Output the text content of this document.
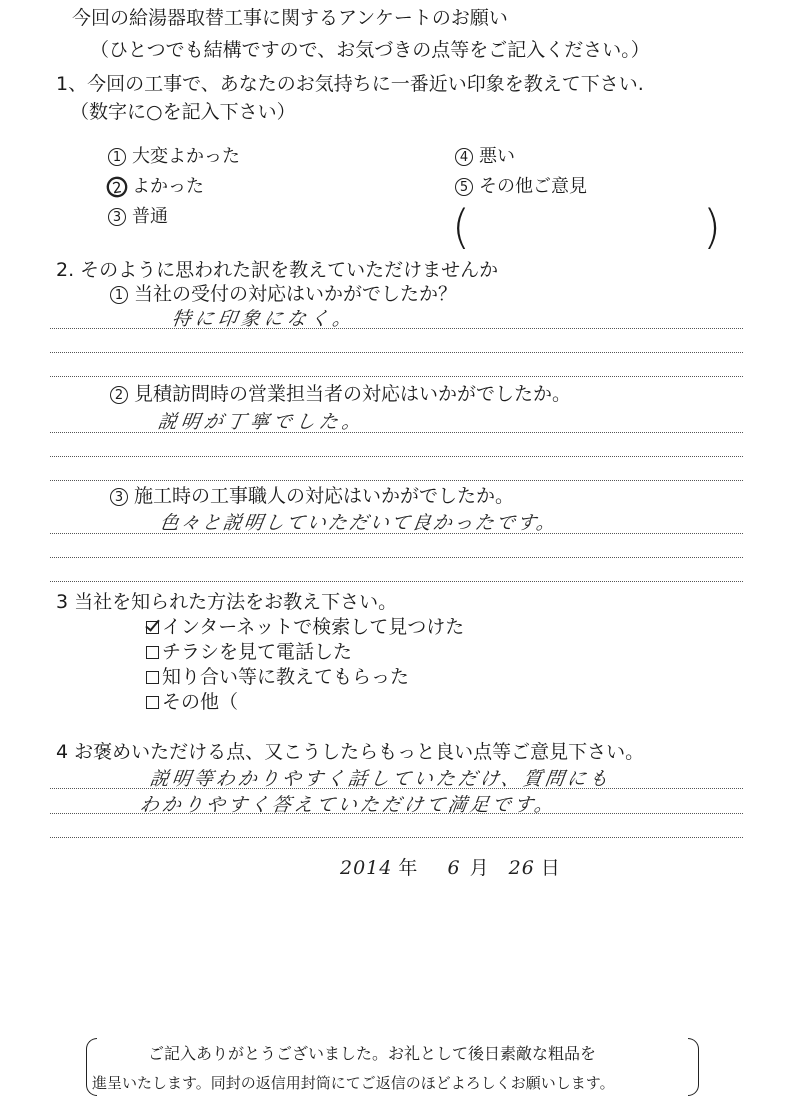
今回の給湯器取替工事に関するアンケートのお願い
（ひとつでも結構ですので、お気づきの点等をご記入ください。）
1、今回の工事で、あなたのお気持ちに一番近い印象を教えて下さい.
（数字に○を記入下さい）
1 大変よかった
2 よかった
3 普通
4 悪い
5 その他ご意見
(	)
2. そのように思われた訳を教えていただけませんか
1 当社の受付の対応はいかがでしたか？
特に印象になく。
2 見積訪問時の営業担当者の対応はいかがでしたか。
説明が丁寧でした。
3 施工時の工事職人の対応はいかがでしたか。
色々と説明していただいて良かったです。
3 当社を知られた方法をお教え下さい。
インターネットで検索して見つけた
チラシを見て電話した
知り合い等に教えてもらった
その他（
4 お褒めいただける点、又こうしたらもっと良い点等ご意見下さい。
説明等わかりやすく話していただけ、質問にも
わかりやすく答えていただけて満足です。
2014 年 6 月 26 日
ご記入ありがとうございました。お礼として後日素敵な粗品を
進呈いたします。同封の返信用封筒にてご返信のほどよろしくお願いします。
